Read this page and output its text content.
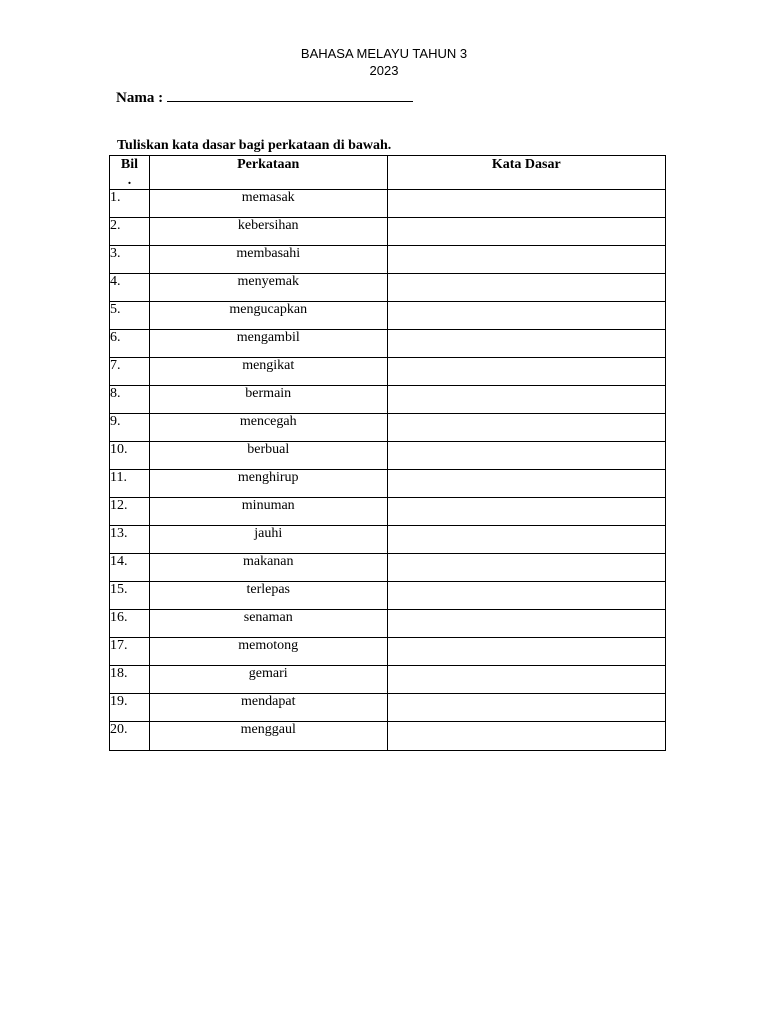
BAHASA MELAYU TAHUN 3
2023
Nama :
Tuliskan kata dasar bagi perkataan di bawah.
Bil
.	Perkataan	Kata Dasar
1.	memasak	
2.	kebersihan	
3.	membasahi	
4.	menyemak	
5.	mengucapkan	
6.	mengambil	
7.	mengikat	
8.	bermain	
9.	mencegah	
10.	berbual	
11.	menghirup	
12.	minuman	
13.	jauhi	
14.	makanan	
15.	terlepas	
16.	senaman	
17.	memotong	
18.	gemari	
19.	mendapat	
20.	menggaul	
